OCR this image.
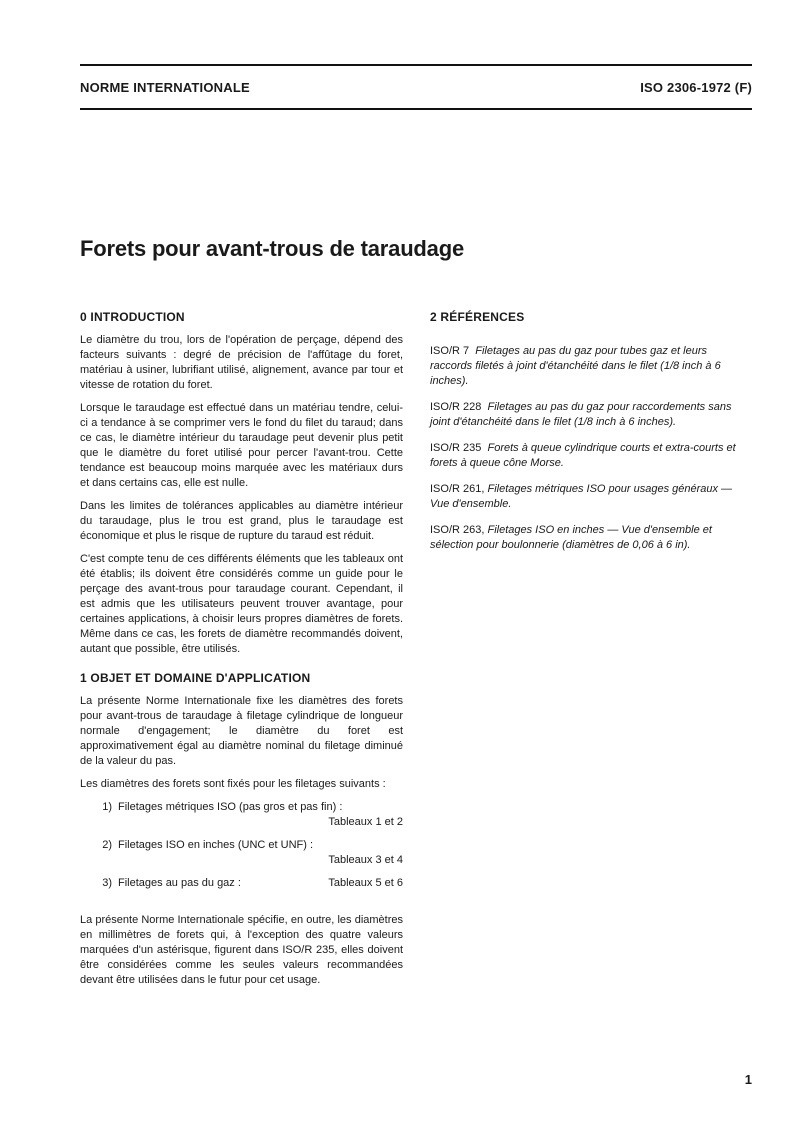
NORME INTERNATIONALE	ISO 2306-1972 (F)
Forets pour avant-trous de taraudage
0 INTRODUCTION

Le diamètre du trou, lors de l'opération de perçage, dépend des facteurs suivants : degré de précision de l'affûtage du foret, matériau à usiner, lubrifiant utilisé, alignement, avance par tour et vitesse de rotation du foret.

Lorsque le taraudage est effectué dans un matériau tendre, celui-ci a tendance à se comprimer vers le fond du filet du taraud; dans ce cas, le diamètre intérieur du taraudage peut devenir plus petit que le diamètre du foret utilisé pour percer l'avant-trou. Cette tendance est beaucoup moins marquée avec les matériaux durs et dans certains cas, elle est nulle.

Dans les limites de tolérances applicables au diamètre intérieur du taraudage, plus le trou est grand, plus le taraudage est économique et plus le risque de rupture du taraud est réduit.

C'est compte tenu de ces différents éléments que les tableaux ont été établis; ils doivent être considérés comme un guide pour le perçage des avant-trous pour taraudage courant. Cependant, il est admis que les utilisateurs peuvent trouver avantage, pour certaines applications, à choisir leurs propres diamètres de forets. Même dans ce cas, les forets de diamètre recommandés doivent, autant que possible, être utilisés.

1 OBJET ET DOMAINE D'APPLICATION

La présente Norme Internationale fixe les diamètres des forets pour avant-trous de taraudage à filetage cylindrique de longueur normale d'engagement; le diamètre du foret est approximativement égal au diamètre nominal du filetage diminué de la valeur du pas.

Les diamètres des forets sont fixés pour les filetages suivants :

1) Filetages métriques ISO (pas gros et pas fin) :
Tableaux 1 et 2
2) Filetages ISO en inches (UNC et UNF) :
Tableaux 3 et 4
3) Filetages au pas du gaz :	Tableaux 5 et 6

La présente Norme Internationale spécifie, en outre, les diamètres en millimètres de forets qui, à l'exception des quatre valeurs marquées d'un astérisque, figurent dans ISO/R 235, elles doivent être considérées comme les seules valeurs recommandées devant être utilisées dans le futur pour cet usage.

2 RÉFÉRENCES

ISO/R 7 Filetages au pas du gaz pour tubes gaz et leurs raccords filetés à joint d'étanchéité dans le filet (1/8 inch à 6 inches).

ISO/R 228 Filetages au pas du gaz pour raccordements sans joint d'étanchéité dans le filet (1/8 inch à 6 inches).

ISO/R 235 Forets à queue cylindrique courts et extra-courts et forets à queue cône Morse.

ISO/R 261, Filetages métriques ISO pour usages généraux — Vue d'ensemble.

ISO/R 263, Filetages ISO en inches — Vue d'ensemble et sélection pour boulonnerie (diamètres de 0,06 à 6 in).

1
